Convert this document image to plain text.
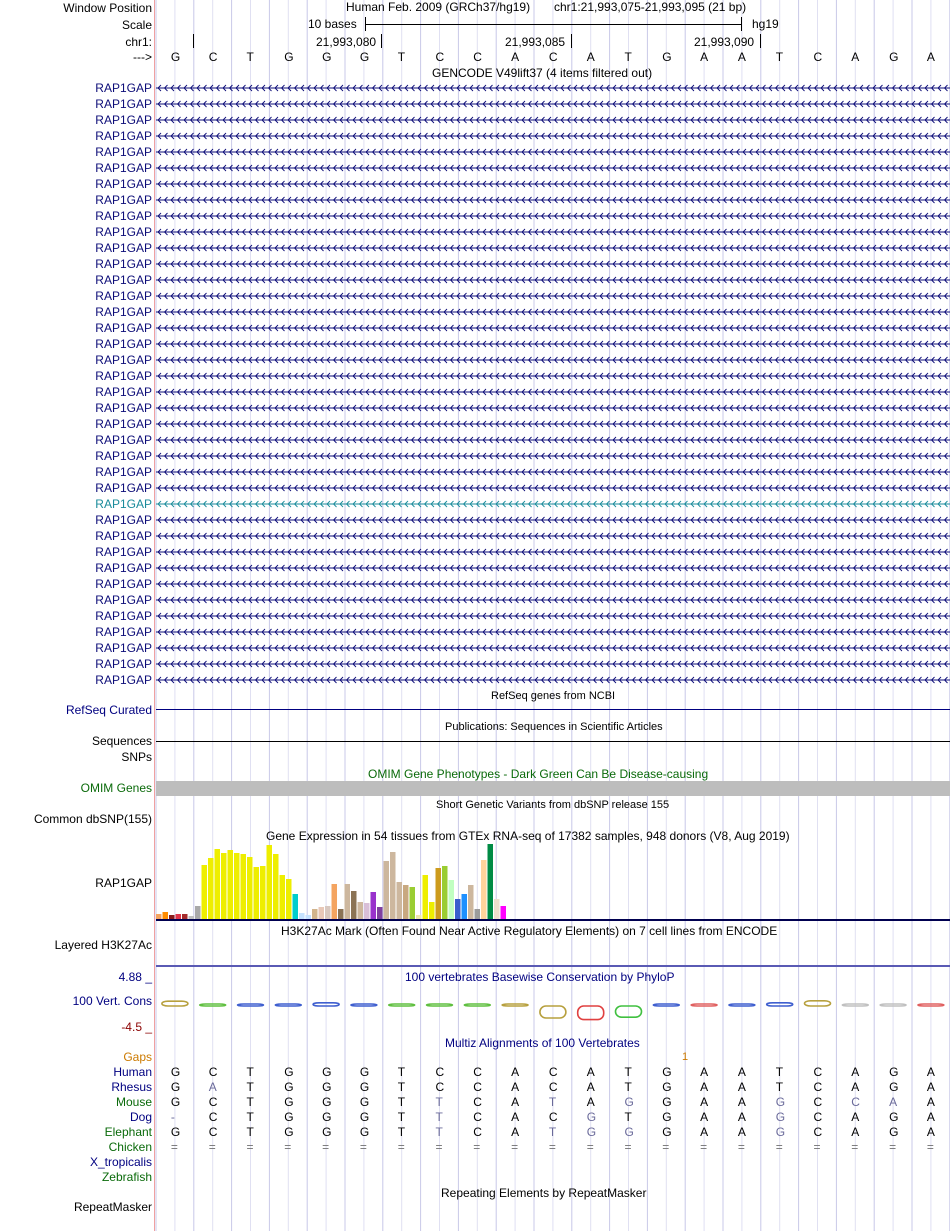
Window Position
Scale
chr1:
--->
Human Feb. 2009 (GRCh37/hg19) chr1:21,993,075-21,993,095 (21 bp)
10 bases	hg19
21,993,080	21,993,085	21,993,090
G C T	G G G T	C C A C A T	G A A T	C A G A
GENCODE V49lift37 (4 items filtered out)
RAP1GAP
RAP1GAP
RAP1GAP
RAP1GAP
RAP1GAP
RAP1GAP
RAP1GAP
RAP1GAP
RAP1GAP
RAP1GAP
RAP1GAP
RAP1GAP
RAP1GAP
RAP1GAP
RAP1GAP
RAP1GAP
RAP1GAP
RAP1GAP
RAP1GAP
RAP1GAP
RAP1GAP
RAP1GAP
RAP1GAP
RAP1GAP
RAP1GAP
RAP1GAP
RAP1GAP
RAP1GAP
RAP1GAP
RAP1GAP
RAP1GAP
RAP1GAP
RAP1GAP
RAP1GAP
RAP1GAP
RAP1GAP
RAP1GAP
RAP1GAP
RefSeq genes from NCBI
RefSeq Curated
Publications: Sequences in Scientific Articles
Sequences
SNPs
OMIM Gene Phenotypes - Dark Green Can Be Disease-causing
OMIM Genes
Short Genetic Variants from dbSNP release 155
Common dbSNP(155)
Gene Expression in 54 tissues from GTEx RNA-seq of 17382 samples, 948 donors (V8, Aug 2019)
RAP1GAP
H3K27Ac Mark (Often Found Near Active Regulatory Elements) on 7 cell lines from ENCODE
Layered H3K27Ac
100 vertebrates Basewise Conservation by PhyloP
4.88 _
100 Vert. Cons
-4.5 _
Multiz Alignments of 100 Vertebrates
Gaps	1
Human G C T	G G G T	C C A C A T	G A A T	C A G A
Rhesus G A T	G G G T	C C A C A T	G A A T	C A G A
Mouse G C T	G G G T	T	C A T	A G G A A G C C A A
Dog -	C T	G G G T	T	C A C G T	G A A G C A G A
Elephant G C T	G G G T	T	C A T	G G G A A G C A G A
Chicken =	=	=	=	=	=	=	=	=	=	=	=	=	=	=	=	=	=	=	=	=
X_tropicalis
Zebrafish
Repeating Elements by RepeatMasker
RepeatMasker
